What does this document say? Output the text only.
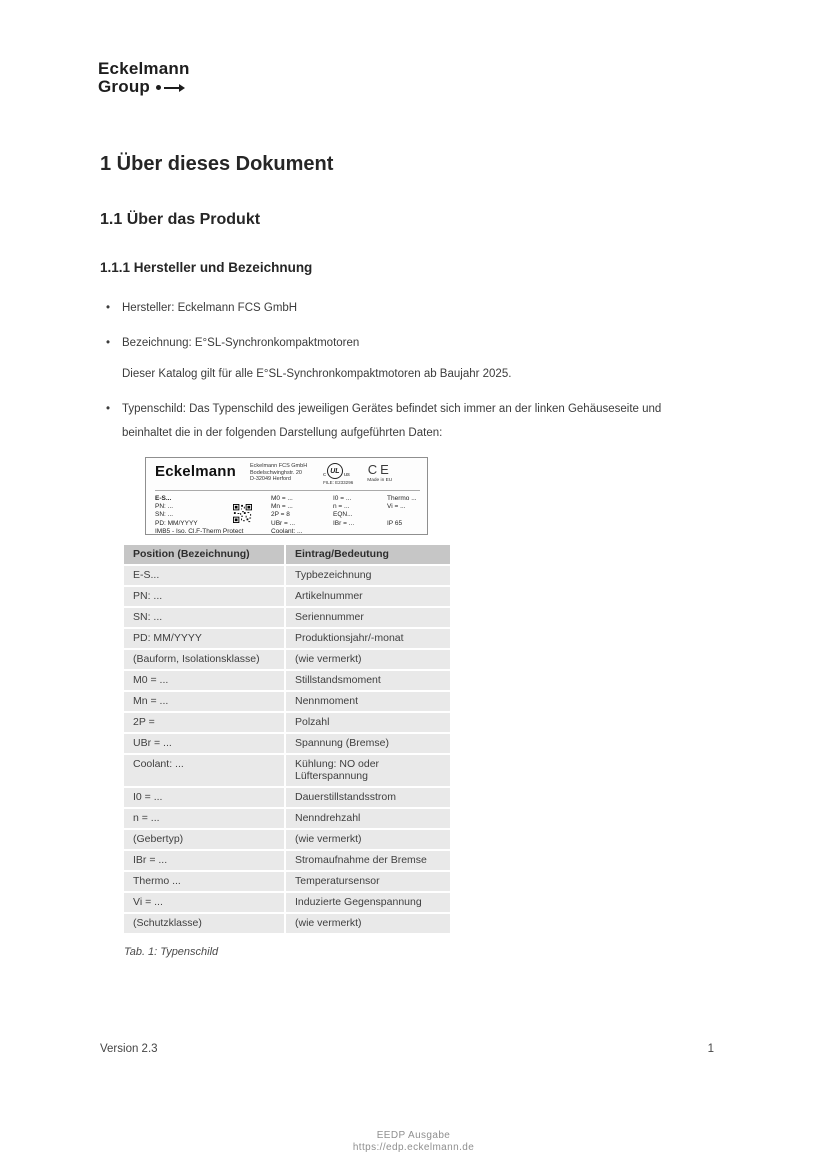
Eckelmann
Group
1 Über dieses Dokument
1.1 Über das Produkt
1.1.1 Hersteller und Bezeichnung
• Hersteller: Eckelmann FCS GmbH
• Bezeichnung: E°SL-Synchronkompaktmotoren

Dieser Katalog gilt für alle E°SL-Synchronkompaktmotoren ab Baujahr 2025.

• Typenschild: Das Typenschild des jeweiligen Gerätes befindet sich immer an der linken Gehäuseseite und beinhaltet die in der folgenden Darstellung aufgeführten Daten:
Eckelmann	Eckelmann FCS GmbH
Bodelschwinghstr. 20
D-32049 Herford
c
UL
us
FILE: E233296
CE
Made in EU
E-S...
PN: ...
SN: ...
PD: MM/YYYY
IMB5 - Iso. Cl.F-Therm Protect
M0 = ...
Mn = ...
2P = 8
UBr = ...
Coolant: ...
I0 = ...
n = ...
EQN...
IBr = ...
Thermo ...
Vi = ...
IP 65
Position (Bezeichnung)	Eintrag/Bedeutung
E-S...	Typbezeichnung
PN: ...	Artikelnummer
SN: ...	Seriennummer
PD: MM/YYYY	Produktionsjahr/-monat
(Bauform, Isolationsklasse)	(wie vermerkt)
M0 = ...	Stillstandsmoment
Mn = ...	Nennmoment
2P =	Polzahl
UBr = ...	Spannung (Bremse)
Coolant: ...	Kühlung: NO oder Lüfterspannung
I0 = ...	Dauerstillstandsstrom
n = ...	Nenndrehzahl
(Gebertyp)	(wie vermerkt)
IBr = ...	Stromaufnahme der Bremse
Thermo ...	Temperatursensor
Vi = ...	Induzierte Gegenspannung
(Schutzklasse)	(wie vermerkt)

Tab. 1: Typenschild

Version 2.3	1
EEDP Ausgabe
https://edp.eckelmann.de
